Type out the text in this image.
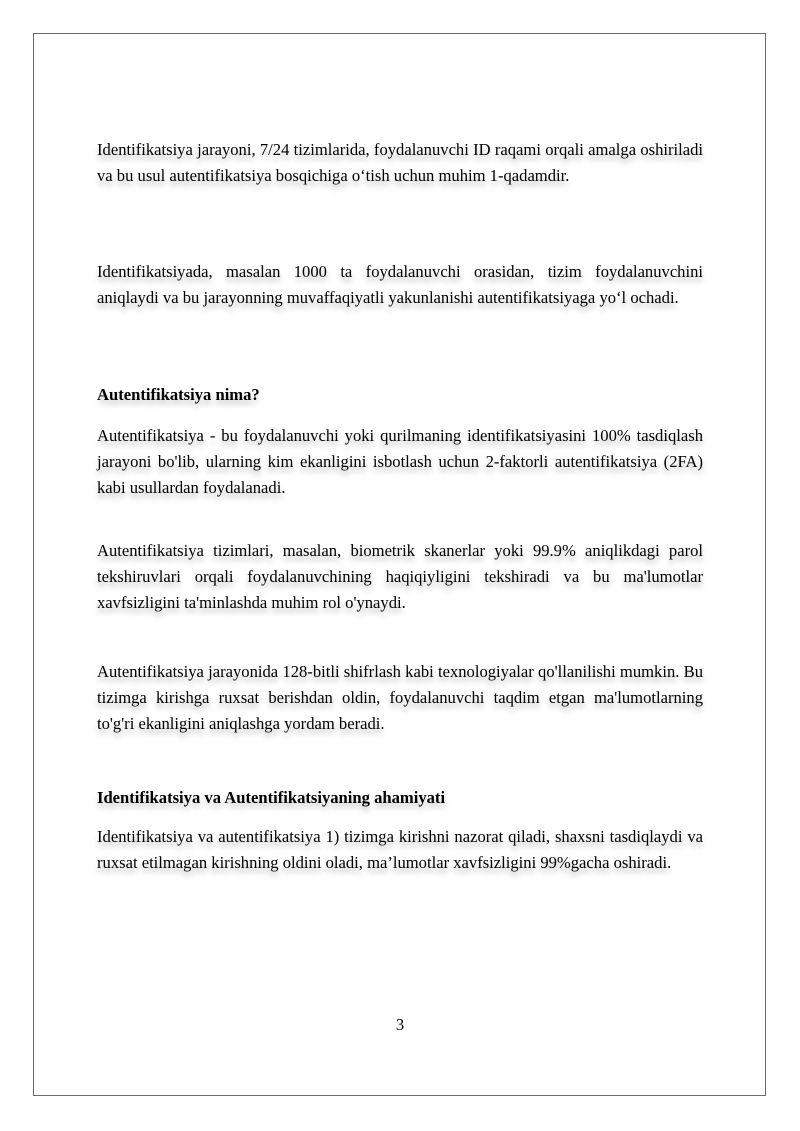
Identifikatsiya jarayoni, 7/24 tizimlarida, foydalanuvchi ID raqami orqali amalga oshiriladi va bu usul autentifikatsiya bosqichiga o‘tish uchun muhim 1-qadamdir.

Identifikatsiyada, masalan 1000 ta foydalanuvchi orasidan, tizim foydalanuvchini aniqlaydi va bu jarayonning muvaffaqiyatli yakunlanishi autentifikatsiyaga yo‘l ochadi.

Autentifikatsiya nima?

Autentifikatsiya - bu foydalanuvchi yoki qurilmaning identifikatsiyasini 100% tasdiqlash jarayoni bo'lib, ularning kim ekanligini isbotlash uchun 2-faktorli autentifikatsiya (2FA) kabi usullardan foydalanadi.

Autentifikatsiya tizimlari, masalan, biometrik skanerlar yoki 99.9% aniqlikdagi parol tekshiruvlari orqali foydalanuvchining haqiqiyligini tekshiradi va bu ma'lumotlar xavfsizligini ta'minlashda muhim rol o'ynaydi.

Autentifikatsiya jarayonida 128-bitli shifrlash kabi texnologiyalar qo'llanilishi mumkin. Bu tizimga kirishga ruxsat berishdan oldin, foydalanuvchi taqdim etgan ma'lumotlarning to'g'ri ekanligini aniqlashga yordam beradi.

Identifikatsiya va Autentifikatsiyaning ahamiyati

Identifikatsiya va autentifikatsiya 1) tizimga kirishni nazorat qiladi, shaxsni tasdiqlaydi va ruxsat etilmagan kirishning oldini oladi, ma’lumotlar xavfsizligini 99%gacha oshiradi.

3
